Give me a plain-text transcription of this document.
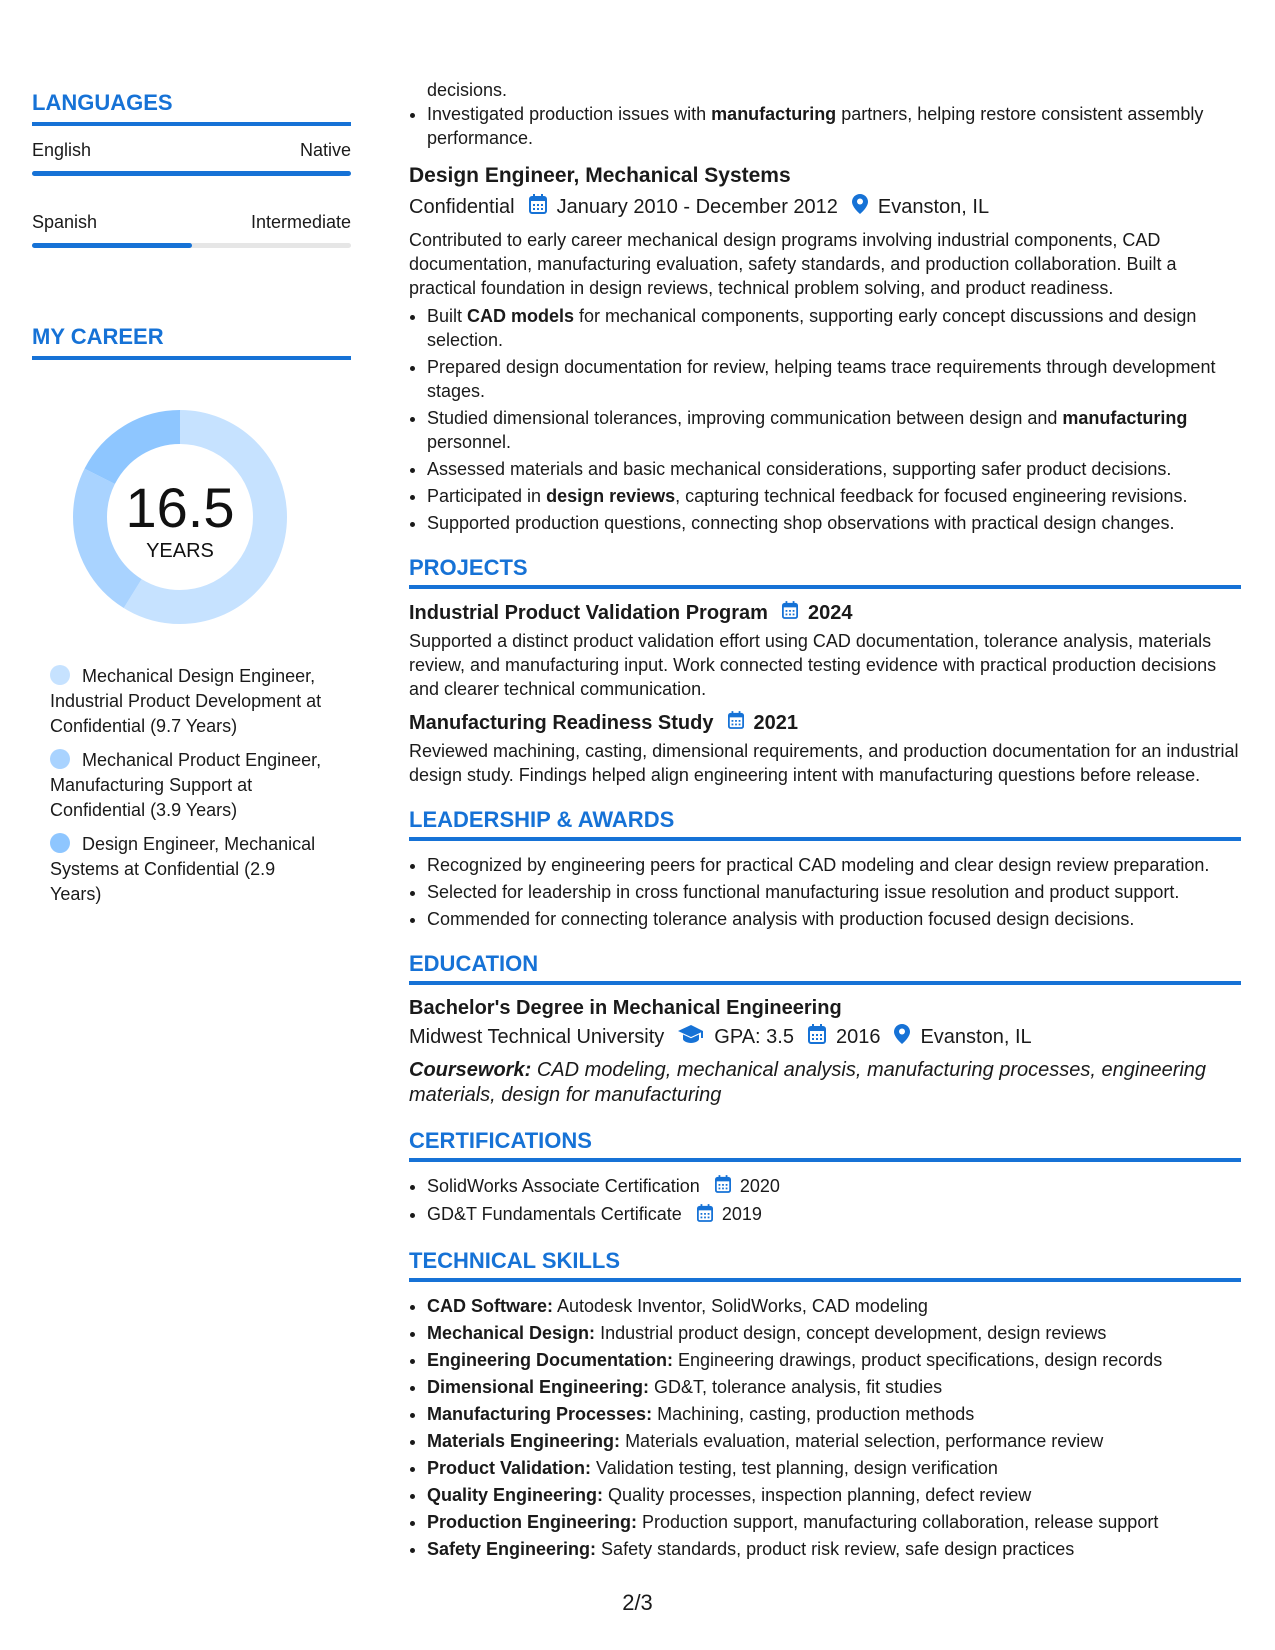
LANGUAGES
English	Native
Spanish	Intermediate
MY CAREER
16.5
YEARS
Mechanical Design Engineer, Industrial Product Development at Confidential (9.7 Years)
Mechanical Product Engineer, Manufacturing Support at Confidential (3.9 Years)
Design Engineer, Mechanical Systems at Confidential (2.9 Years)
decisions.
• Investigated production issues with manufacturing partners, helping restore consistent assembly performance.
Design Engineer, Mechanical Systems
Confidential January 2010 - December 2012 Evanston, IL
Contributed to early career mechanical design programs involving industrial components, CAD documentation, manufacturing evaluation, safety standards, and production collaboration. Built a practical foundation in design reviews, technical problem solving, and product readiness.
• Built CAD models for mechanical components, supporting early concept discussions and design selection.
• Prepared design documentation for review, helping teams trace requirements through development stages.
• Studied dimensional tolerances, improving communication between design and manufacturing personnel.
• Assessed materials and basic mechanical considerations, supporting safer product decisions.
• Participated in design reviews, capturing technical feedback for focused engineering revisions.
• Supported production questions, connecting shop observations with practical design changes.
PROJECTS
Industrial Product Validation Program 2024
Supported a distinct product validation effort using CAD documentation, tolerance analysis, materials review, and manufacturing input. Work connected testing evidence with practical production decisions and clearer technical communication.
Manufacturing Readiness Study 2021
Reviewed machining, casting, dimensional requirements, and production documentation for an industrial design study. Findings helped align engineering intent with manufacturing questions before release.
LEADERSHIP & AWARDS
• Recognized by engineering peers for practical CAD modeling and clear design review preparation.
• Selected for leadership in cross functional manufacturing issue resolution and product support.
• Commended for connecting tolerance analysis with production focused design decisions.
EDUCATION
Bachelor's Degree in Mechanical Engineering
Midwest Technical University	GPA: 3.5 2016 Evanston, IL
Coursework: CAD modeling, mechanical analysis, manufacturing processes, engineering materials, design for manufacturing
CERTIFICATIONS
• SolidWorks Associate Certification 2020
• GD&T Fundamentals Certificate 2019
TECHNICAL SKILLS
• CAD Software: Autodesk Inventor, SolidWorks, CAD modeling
• Mechanical Design: Industrial product design, concept development, design reviews
• Engineering Documentation: Engineering drawings, product specifications, design records
• Dimensional Engineering: GD&T, tolerance analysis, fit studies
• Manufacturing Processes: Machining, casting, production methods
• Materials Engineering: Materials evaluation, material selection, performance review
• Product Validation: Validation testing, test planning, design verification
• Quality Engineering: Quality processes, inspection planning, defect review
• Production Engineering: Production support, manufacturing collaboration, release support
• Safety Engineering: Safety standards, product risk review, safe design practices
2/3
